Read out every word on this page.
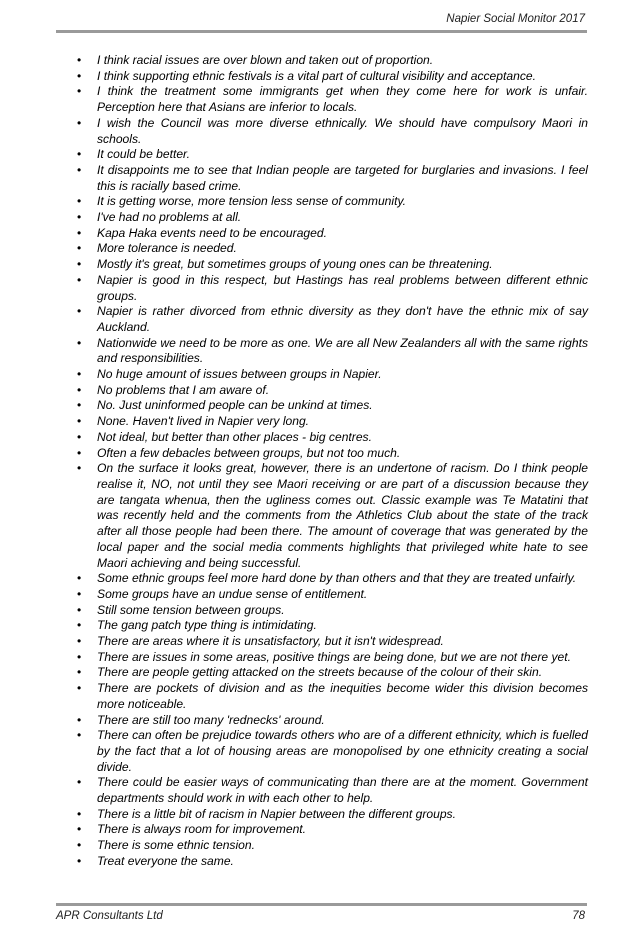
Napier Social Monitor 2017
• I think racial issues are over blown and taken out of proportion.
• I think supporting ethnic festivals is a vital part of cultural visibility and acceptance.
• I think the treatment some immigrants get when they come here for work is unfair. Perception here that Asians are inferior to locals.
• I wish the Council was more diverse ethnically. We should have compulsory Maori in schools.
• It could be better.
• It disappoints me to see that Indian people are targeted for burglaries and invasions. I feel this is racially based crime.
• It is getting worse, more tension less sense of community.
• I've had no problems at all.
• Kapa Haka events need to be encouraged.
• More tolerance is needed.
• Mostly it's great, but sometimes groups of young ones can be threatening.
• Napier is good in this respect, but Hastings has real problems between different ethnic groups.
• Napier is rather divorced from ethnic diversity as they don't have the ethnic mix of say Auckland.
• Nationwide we need to be more as one. We are all New Zealanders all with the same rights and responsibilities.
• No huge amount of issues between groups in Napier.
• No problems that I am aware of.
• No. Just uninformed people can be unkind at times.
• None. Haven't lived in Napier very long.
• Not ideal, but better than other places - big centres.
• Often a few debacles between groups, but not too much.
• On the surface it looks great, however, there is an undertone of racism. Do I think people realise it, NO, not until they see Maori receiving or are part of a discussion because they are tangata whenua, then the ugliness comes out. Classic example was Te Matatini that was recently held and the comments from the Athletics Club about the state of the track after all those people had been there. The amount of coverage that was generated by the local paper and the social media comments highlights that privileged white hate to see Maori achieving and being successful.
• Some ethnic groups feel more hard done by than others and that they are treated unfairly.
• Some groups have an undue sense of entitlement.
• Still some tension between groups.
• The gang patch type thing is intimidating.
• There are areas where it is unsatisfactory, but it isn't widespread.
• There are issues in some areas, positive things are being done, but we are not there yet.
• There are people getting attacked on the streets because of the colour of their skin.
• There are pockets of division and as the inequities become wider this division becomes more noticeable.
• There are still too many 'rednecks' around.
• There can often be prejudice towards others who are of a different ethnicity, which is fuelled by the fact that a lot of housing areas are monopolised by one ethnicity creating a social divide.
• There could be easier ways of communicating than there are at the moment. Government departments should work in with each other to help.
• There is a little bit of racism in Napier between the different groups.
• There is always room for improvement.
• There is some ethnic tension.
• Treat everyone the same.
APR Consultants Ltd	78
